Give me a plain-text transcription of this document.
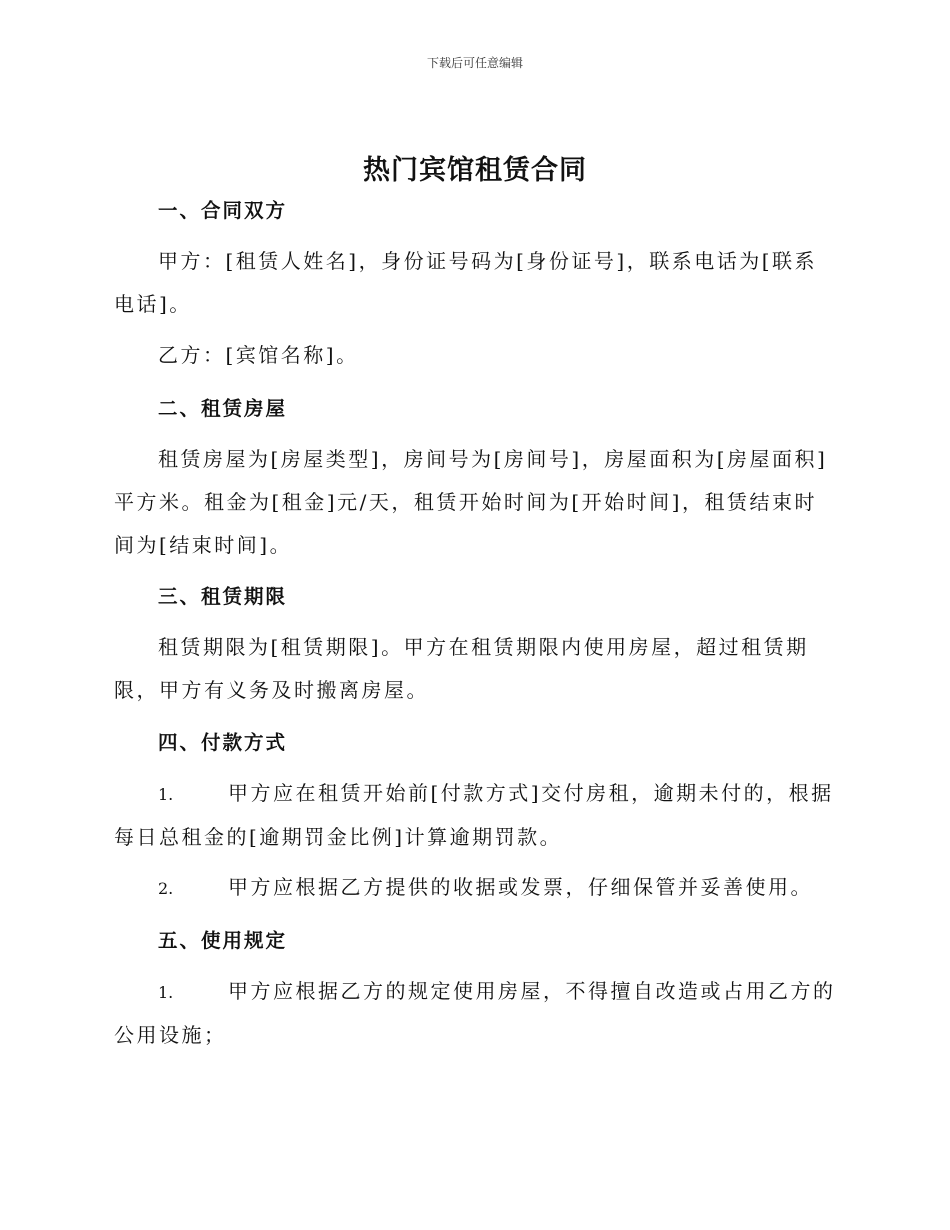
下载后可任意编辑
热门宾馆租赁合同
一、合同双方

甲方：[租赁人姓名]，身份证号码为[身份证号]，联系电话为[联系电话]。

乙方：[宾馆名称]。

二、租赁房屋

租赁房屋为[房屋类型]，房间号为[房间号]，房屋面积为[房屋面积]平方米。租金为[租金]元/天，租赁开始时间为[开始时间]，租赁结束时间为[结束时间]。

三、租赁期限

租赁期限为[租赁期限]。甲方在租赁期限内使用房屋，超过租赁期限，甲方有义务及时搬离房屋。

四、付款方式

1.	甲方应在租赁开始前[付款方式]交付房租，逾期未付的，根据每日总租金的[逾期罚金比例]计算逾期罚款。

2.	甲方应根据乙方提供的收据或发票，仔细保管并妥善使用。

五、使用规定

1.	甲方应根据乙方的规定使用房屋，不得擅自改造或占用乙方的公用设施；
